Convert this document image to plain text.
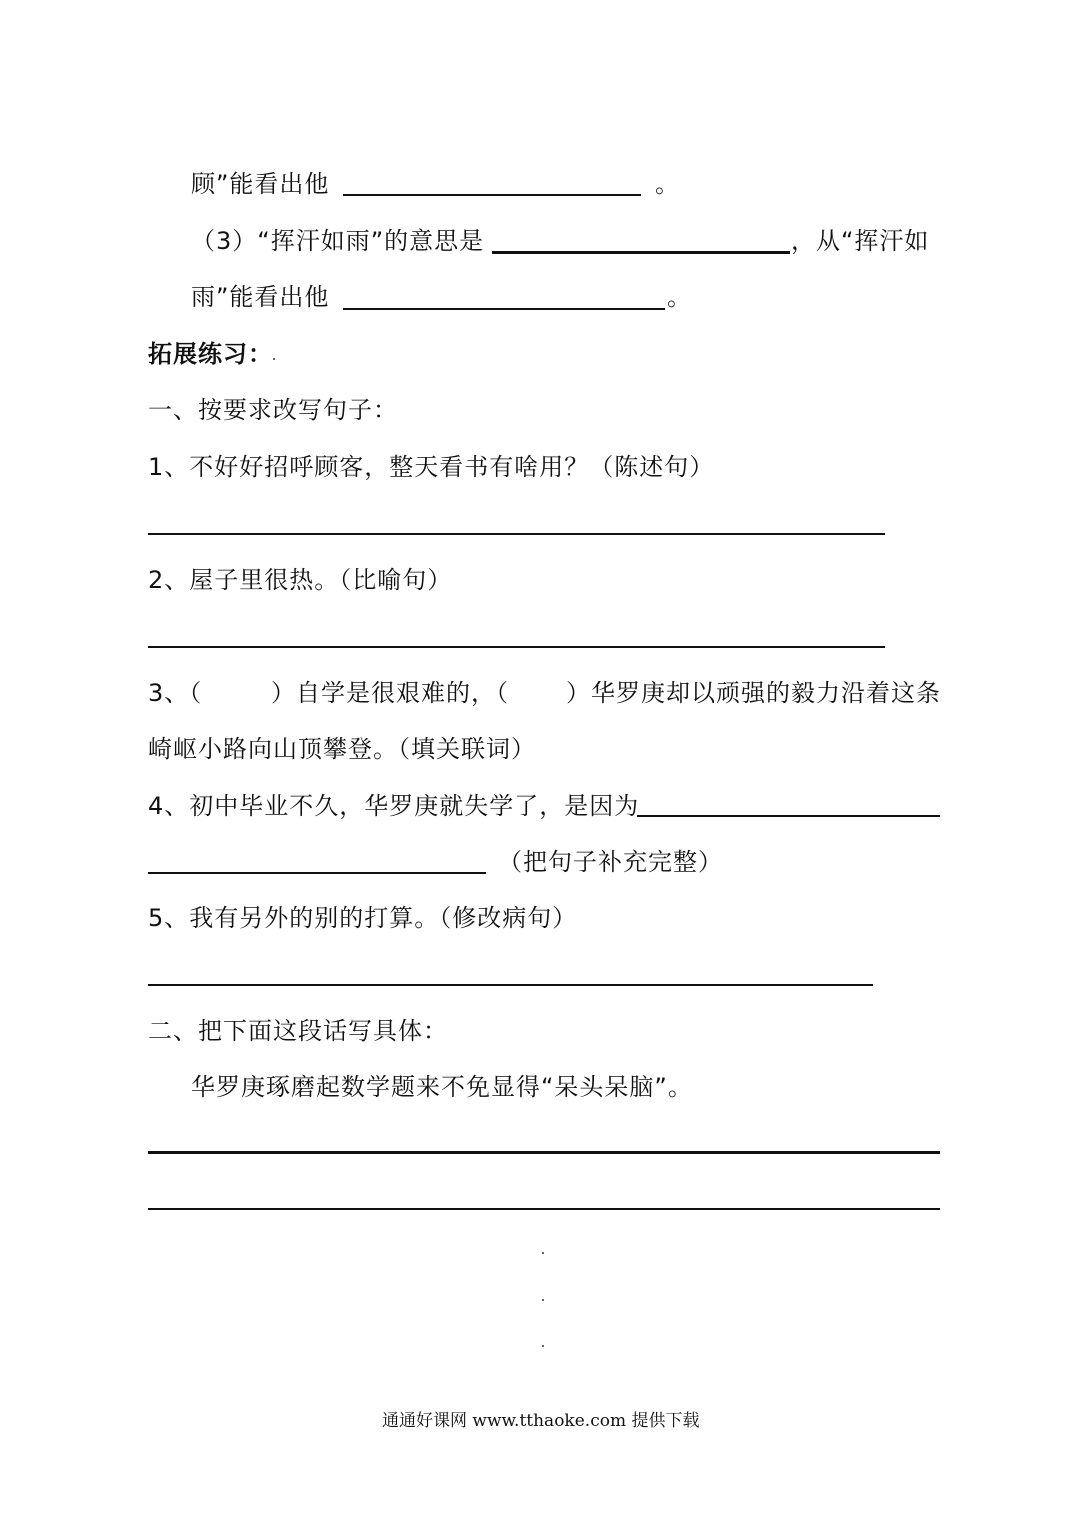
顾”能看出他	。
（3）“挥汗如雨”的意思是	，从“挥汗如
雨”能看出他	。
拓展练习：
一、按要求改写句子：
1、不好好招呼顾客，整天看书有啥用？（陈述句）
2、屋子里很热。（比喻句）
3、（	）自学是很艰难的，（ ）华罗庚却以顽强的毅力沿着这条
崎岖小路向山顶攀登。（填关联词）
4、初中毕业不久，华罗庚就失学了，是因为
（把句子补充完整）
5、我有另外的别的打算。（修改病句）
二、把下面这段话写具体：
华罗庚琢磨起数学题来不免显得“呆头呆脑”。
通通好课网 www.tthaoke.com 提供下载
